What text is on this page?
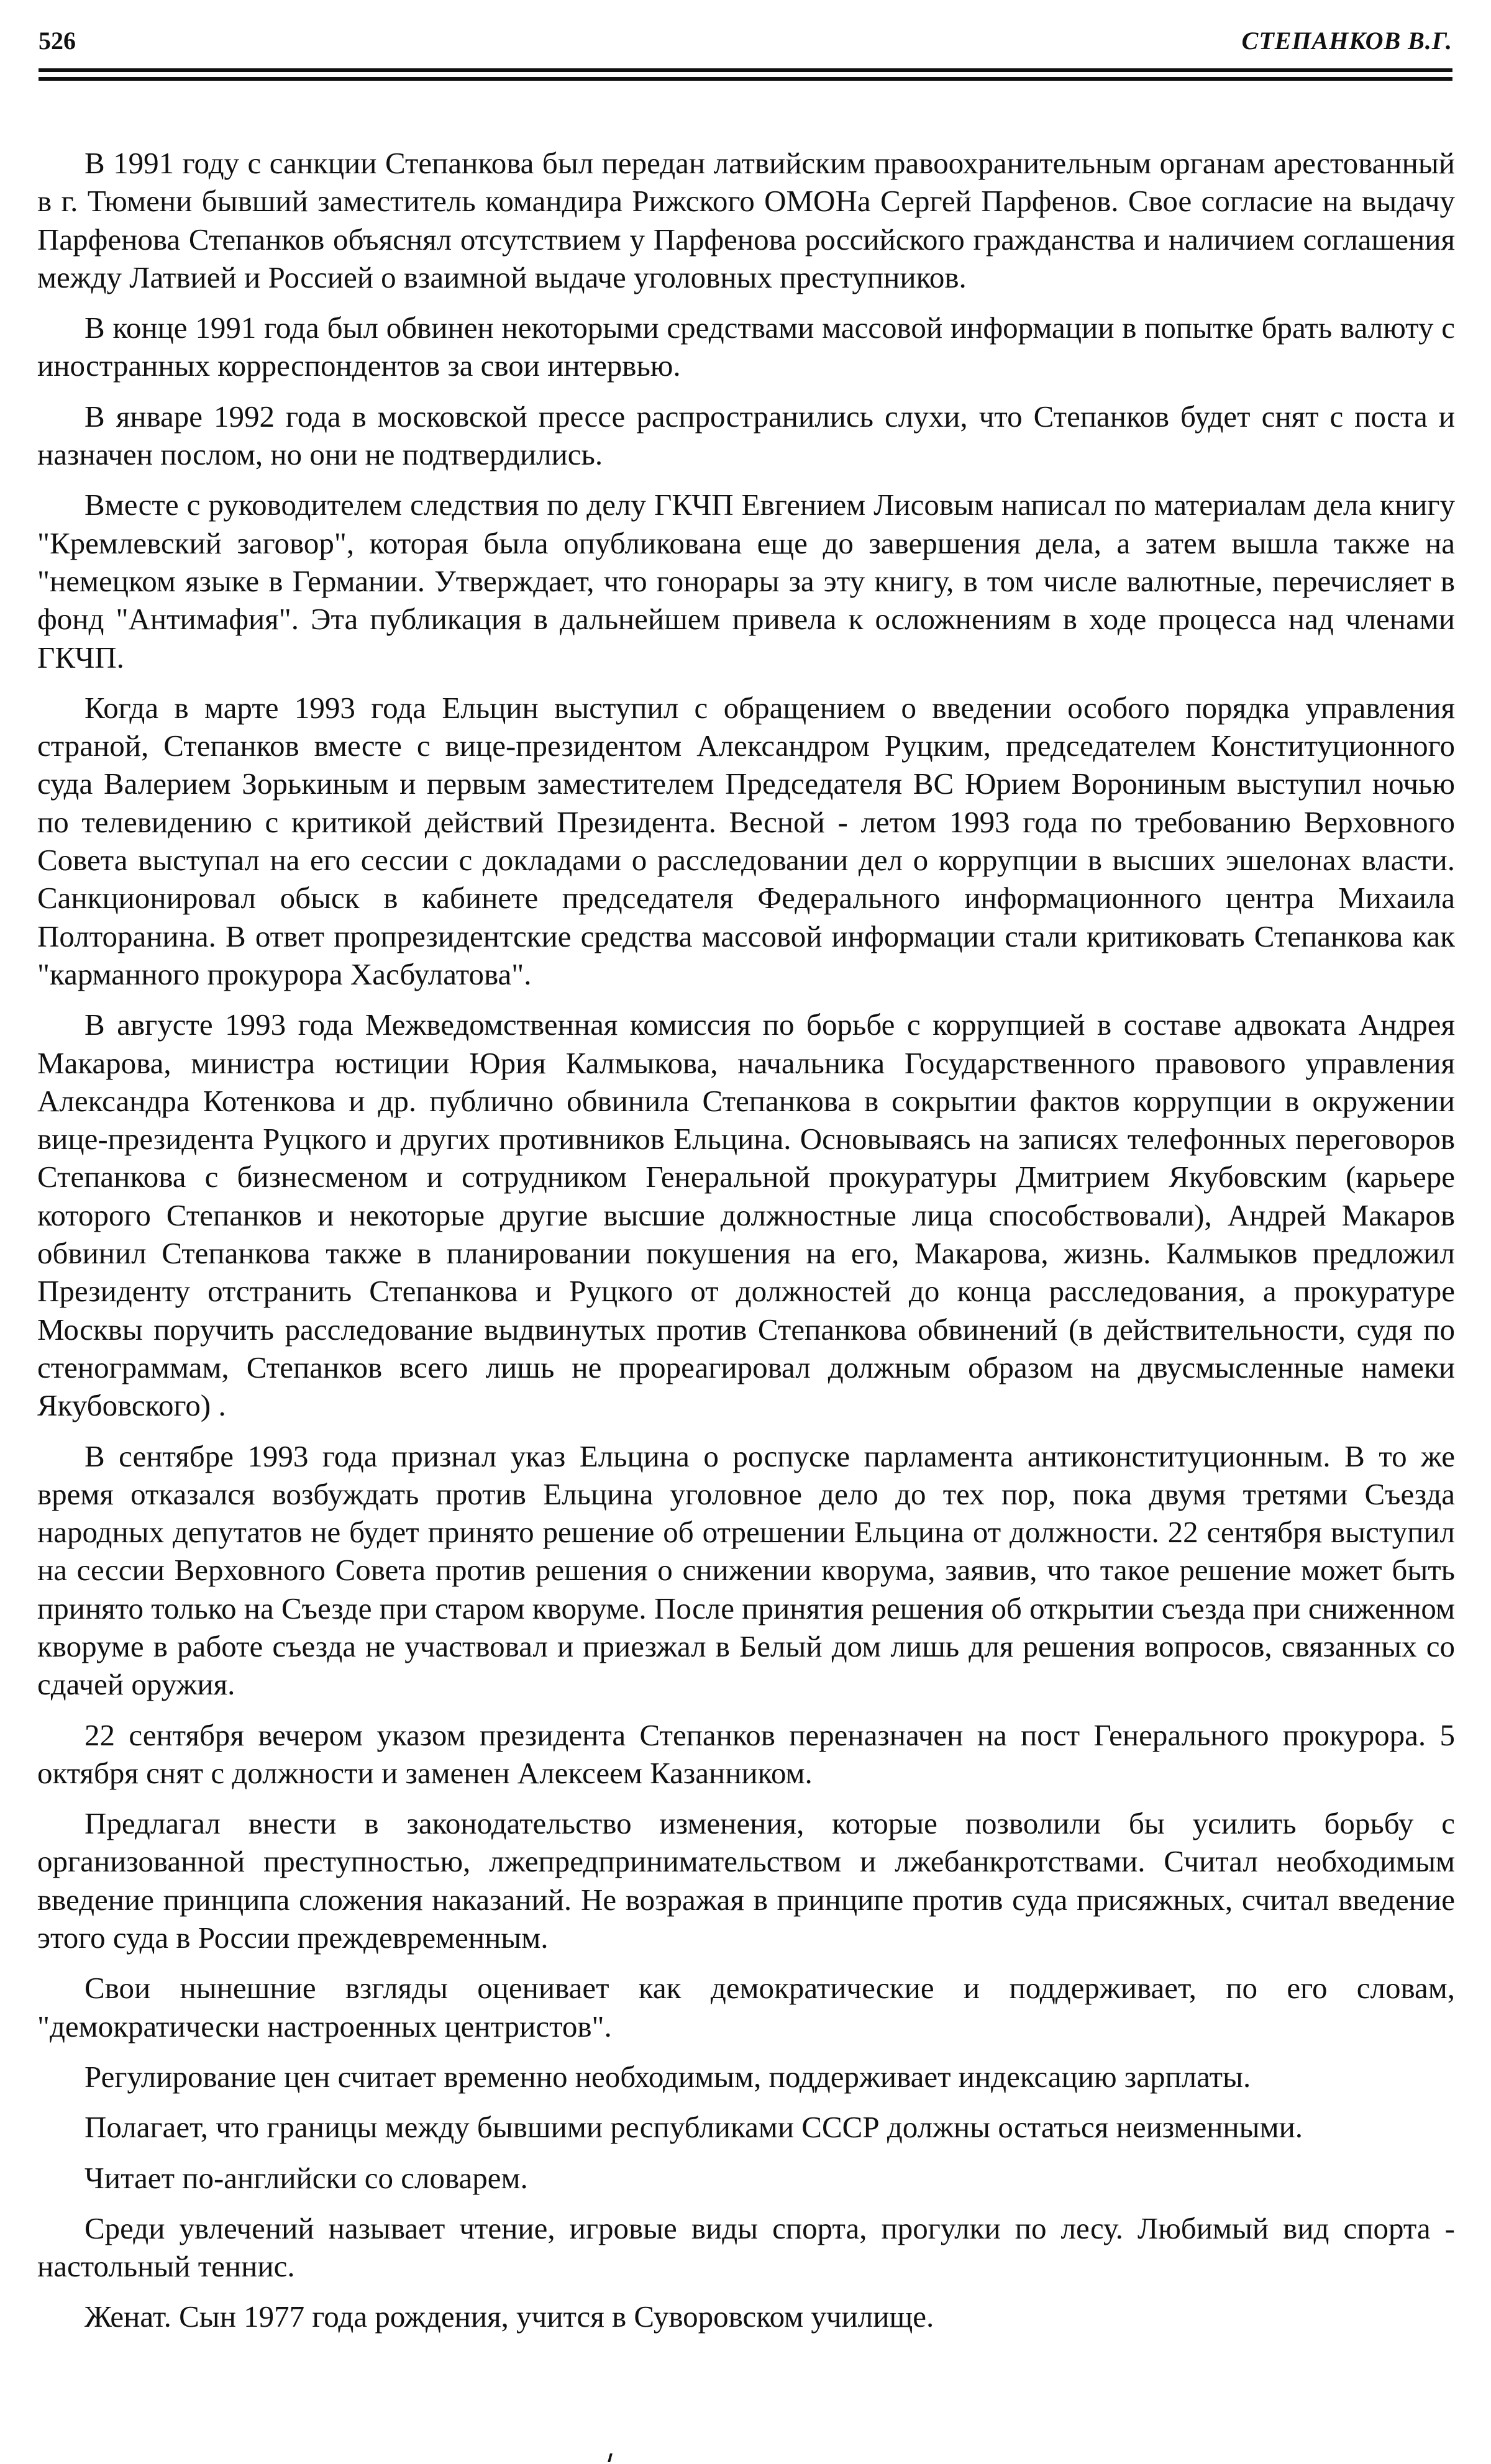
526	СТЕПАНКОВ В.Г.

В 1991 году с санкции Степанкова был передан латвийским правоохранительным органам арестованный в г. Тюмени бывший заместитель командира Рижского ОМОНа Сергей Парфенов. Свое согласие на выдачу Парфенова Степанков объяснял отсутствием у Парфенова российского гражданства и наличием соглашения между Латвией и Россией о взаимной выдаче уголовных преступников.

В конце 1991 года был обвинен некоторыми средствами массовой информации в попытке брать валюту с иностранных корреспондентов за свои интервью.

В январе 1992 года в московской прессе распространились слухи, что Степанков будет снят с поста и назначен послом, но они не подтвердились.

Вместе с руководителем следствия по делу ГКЧП Евгением Лисовым написал по материалам дела книгу "Кремлевский заговор", которая была опубликована еще до завершения дела, а затем вышла также на "немецком языке в Германии. Утверждает, что гонорары за эту книгу, в том числе валютные, перечисляет в фонд "Антимафия". Эта публикация в дальнейшем привела к осложнениям в ходе процесса над членами ГКЧП.

Когда в марте 1993 года Ельцин выступил с обращением о введении особого порядка управления страной, Степанков вместе с вице-президентом Александром Руцким, председателем Конституционного суда Валерием Зорькиным и первым заместителем Председателя ВС Юрием Ворониным выступил ночью по телевидению с критикой действий Президента. Весной - летом 1993 года по требованию Верховного Совета выступал на его сессии с докладами о расследовании дел о коррупции в высших эшелонах власти. Санкционировал обыск в кабинете председателя Федерального информационного центра Михаила Полторанина. В ответ пропрезидентские средства массовой информации стали критиковать Степанкова как "карманного прокурора Хасбулатова".

В августе 1993 года Межведомственная комиссия по борьбе с коррупцией в составе адвоката Андрея Макарова, министра юстиции Юрия Калмыкова, начальника Государственного правового управления Александра Котенкова и др. публично обвинила Степанкова в сокрытии фактов коррупции в окружении вице-президента Руцкого и других противников Ельцина. Основываясь на записях телефонных переговоров Степанкова с бизнесменом и сотрудником Генеральной прокуратуры Дмитрием Якубовским (карьере которого Степанков и некоторые другие высшие должностные лица способствовали), Андрей Макаров обвинил Степанкова также в планировании покушения на его, Макарова, жизнь. Калмыков предложил Президенту отстранить Степанкова и Руцкого от должностей до конца расследования, а прокуратуре Москвы поручить расследование выдвинутых против Степанкова обвинений (в действительности, судя по стенограммам, Степанков всего лишь не прореагировал должным образом на двусмысленные намеки Якубовского) .

В сентябре 1993 года признал указ Ельцина о роспуске парламента антиконституционным. В то же время отказался возбуждать против Ельцина уголовное дело до тех пор, пока двумя третями Съезда народных депутатов не будет принято решение об отрешении Ельцина от должности. 22 сентября выступил на сессии Верховного Совета против решения о снижении кворума, заявив, что такое решение может быть принято только на Съезде при старом кворуме. После принятия решения об открытии съезда при сниженном кворуме в работе съезда не участвовал и приезжал в Белый дом лишь для решения вопросов, связанных со сдачей оружия.

22 сентября вечером указом президента Степанков переназначен на пост Генерального прокурора. 5 октября снят с должности и заменен Алексеем Казанником.

Предлагал внести в законодательство изменения, которые позволили бы усилить борьбу с организованной преступностью, лжепредпринимательством и лжебанкротствами. Считал необходимым введение принципа сложения наказаний. Не возражая в принципе против суда присяжных, считал введение этого суда в России преждевременным.

Свои нынешние взгляды оценивает как демократические и поддерживает, по его словам, "демократически настроенных центристов".

Регулирование цен считает временно необходимым, поддерживает индексацию зарплаты.

Полагает, что границы между бывшими республиками СССР должны остаться неизменными.

Читает по-английски со словарем.

Среди увлечений называет чтение, игровые виды спорта, прогулки по лесу. Любимый вид спорта - настольный теннис.

Женат. Сын 1977 года рождения, учится в Суворовском училище.
